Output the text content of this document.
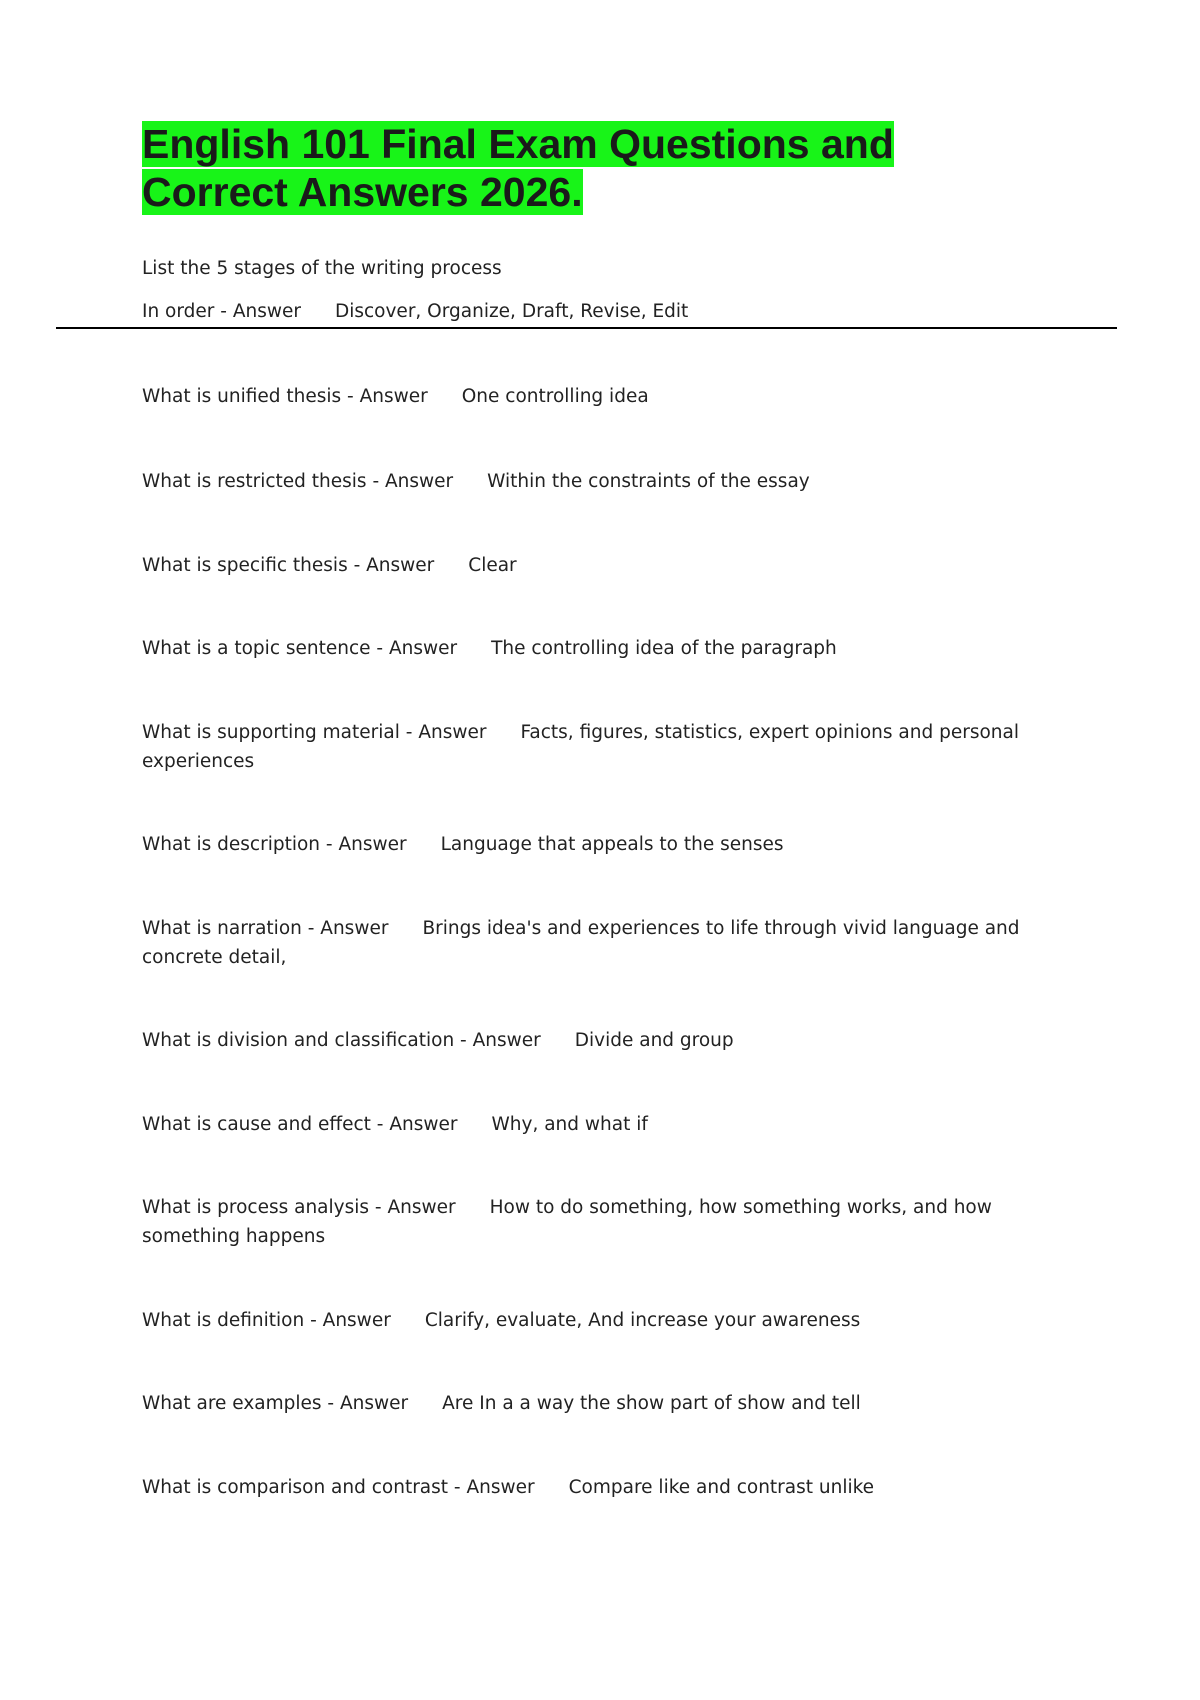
English 101 Final Exam Questions and Correct Answers 2026.

List the 5 stages of the writing process

In order - Answer Discover, Organize, Draft, Revise, Edit

What is unified thesis - Answer One controlling idea

What is restricted thesis - Answer Within the constraints of the essay

What is specific thesis - Answer Clear

What is a topic sentence - Answer The controlling idea of the paragraph

What is supporting material - Answer Facts, figures, statistics, expert opinions and personal experiences

What is description - Answer Language that appeals to the senses

What is narration - Answer Brings idea's and experiences to life through vivid language and concrete detail,

What is division and classification - Answer Divide and group

What is cause and effect - Answer Why, and what if

What is process analysis - Answer How to do something, how something works, and how something happens

What is definition - Answer Clarify, evaluate, And increase your awareness

What are examples - Answer Are In a a way the show part of show and tell

What is comparison and contrast - Answer Compare like and contrast unlike
